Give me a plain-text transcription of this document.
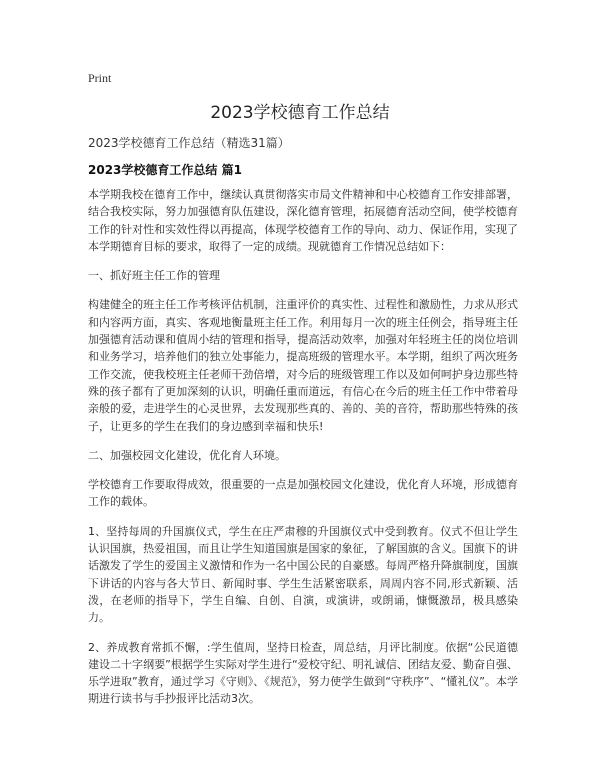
Print
2023学校德育工作总结
2023学校德育工作总结（精选31篇）
2023学校德育工作总结 篇1

本学期我校在德育工作中，继续认真贯彻落实市局文件精神和中心校德育工作安排部署，结合我校实际，努力加强德育队伍建设，深化德育管理，拓展德育活动空间，使学校德育工作的针对性和实效性得以再提高，体现学校德育工作的导向、动力、保证作用，实现了本学期德育目标的要求，取得了一定的成绩。现就德育工作情况总结如下：

一、抓好班主任工作的管理

构建健全的班主任工作考核评估机制，注重评价的真实性、过程性和激励性，力求从形式和内容两方面，真实、客观地衡量班主任工作。利用每月一次的班主任例会，指导班主任加强德育活动课和值周小结的管理和指导，提高活动效率，加强对年轻班主任的岗位培训和业务学习，培养他们的独立处事能力，提高班级的管理水平。本学期，组织了两次班务工作交流，使我校班主任老师干劲倍增，对今后的班级管理工作以及如何呵护身边那些特殊的孩子都有了更加深刻的认识，明确任重而道远，有信心在今后的班主任工作中带着母亲般的爱，走进学生的心灵世界，去发现那些真的、善的、美的音符，帮助那些特殊的孩子，让更多的学生在我们的身边感到幸福和快乐!

二、加强校园文化建设，优化育人环境。

学校德育工作要取得成效，很重要的一点是加强校园文化建设，优化育人环境，形成德育工作的载体。

1、坚持每周的升国旗仪式，学生在庄严肃穆的升国旗仪式中受到教育。仪式不但让学生认识国旗，热爱祖国，而且让学生知道国旗是国家的象征，了解国旗的含义。国旗下的讲话激发了学生的爱国主义激情和作为一名中国公民的自豪感。每周严格升降旗制度，国旗下讲话的内容与各大节日、新闻时事、学生生活紧密联系，周周内容不同,形式新颖、活泼，在老师的指导下，学生自编、自创、自演，或演讲，或朗诵，慷慨激昂，极具感染力。

2、养成教育常抓不懈，:学生值周，坚持日检查，周总结，月评比制度。依据“公民道德建设二十字纲要”根据学生实际对学生进行“爱校守纪、明礼诚信、团结友爱、勤奋自强、乐学进取”教育，通过学习《守则》、《规范》，努力使学生做到“守秩序”、“懂礼仪”。本学期进行读书与手抄报评比活动3次。
